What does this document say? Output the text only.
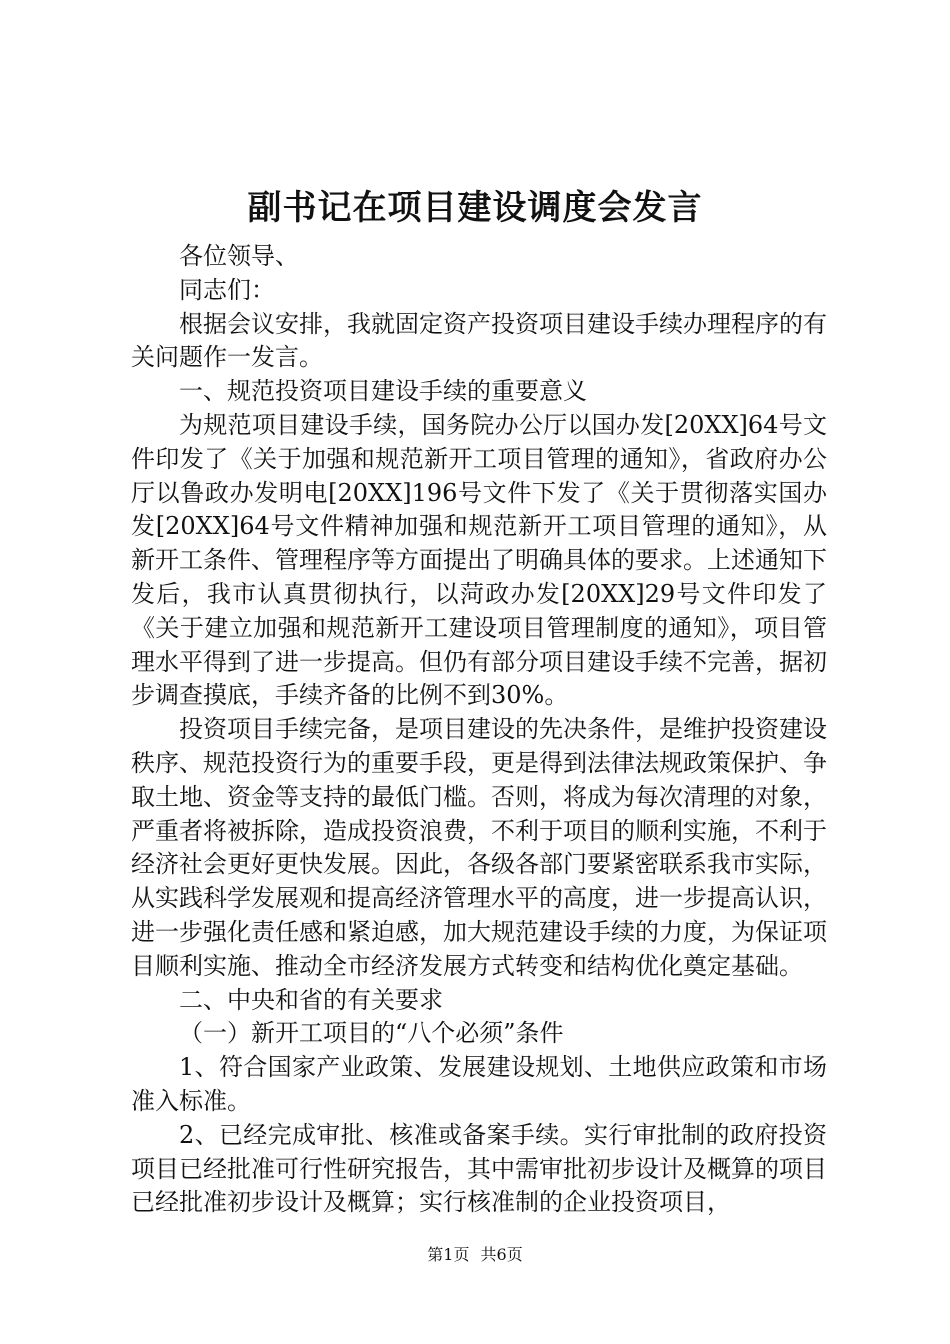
副书记在项目建设调度会发言

各位领导、

同志们：

根据会议安排，我就固定资产投资项目建设手续办理程序的有关问题作一发言。

一、规范投资项目建设手续的重要意义

为规范项目建设手续，国务院办公厅以国办发[20XX]64号文件印发了《关于加强和规范新开工项目管理的通知》，省政府办公厅以鲁政办发明电[20XX]196号文件下发了《关于贯彻落实国办发[20XX]64号文件精神加强和规范新开工项目管理的通知》，从新开工条件、管理程序等方面提出了明确具体的要求。上述通知下发后，我市认真贯彻执行，以菏政办发[20XX]29号文件印发了《关于建立加强和规范新开工建设项目管理制度的通知》，项目管理水平得到了进一步提高。但仍有部分项目建设手续不完善，据初步调查摸底，手续齐备的比例不到30%。

投资项目手续完备，是项目建设的先决条件，是维护投资建设秩序、规范投资行为的重要手段，更是得到法律法规政策保护、争取土地、资金等支持的最低门槛。否则，将成为每次清理的对象，严重者将被拆除，造成投资浪费，不利于项目的顺利实施，不利于经济社会更好更快发展。因此，各级各部门要紧密联系我市实际，从实践科学发展观和提高经济管理水平的高度，进一步提高认识，进一步强化责任感和紧迫感，加大规范建设手续的力度，为保证项目顺利实施、推动全市经济发展方式转变和结构优化奠定基础。

二、中央和省的有关要求

（一）新开工项目的“八个必须”条件

1、符合国家产业政策、发展建设规划、土地供应政策和市场准入标准。

2、已经完成审批、核准或备案手续。实行审批制的政府投资项目已经批准可行性研究报告，其中需审批初步设计及概算的项目已经批准初步设计及概算；实行核准制的企业投资项目，

第1页 共6页
